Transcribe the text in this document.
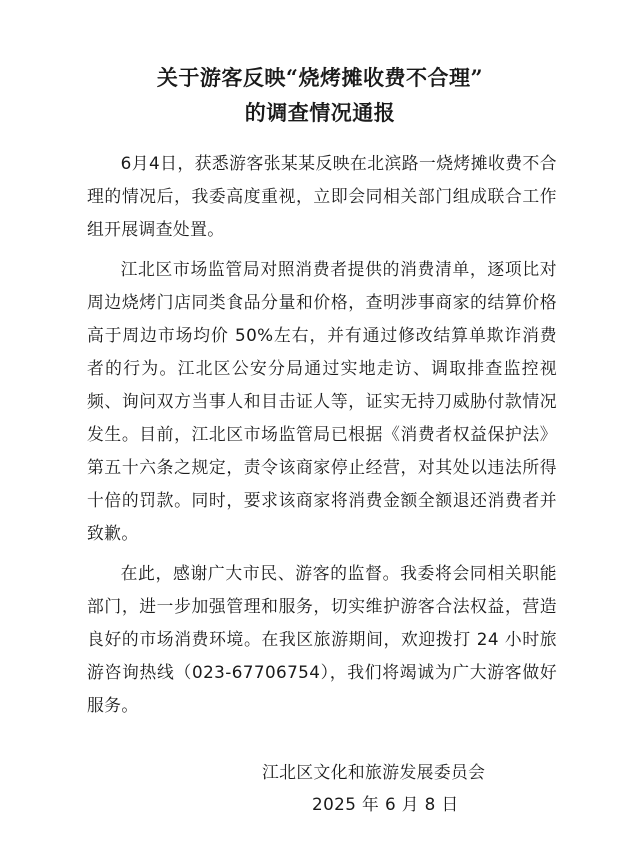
关于游客反映“烧烤摊收费不合理”
的调查情况通报

6月4日，获悉游客张某某反映在北滨路一烧烤摊收费不合理的情况后，我委高度重视，立即会同相关部门组成联合工作组开展调查处置。

江北区市场监管局对照消费者提供的消费清单，逐项比对周边烧烤门店同类食品分量和价格，查明涉事商家的结算价格高于周边市场均价 50%左右，并有通过修改结算单欺诈消费者的行为。江北区公安分局通过实地走访、调取排查监控视频、询问双方当事人和目击证人等，证实无持刀威胁付款情况发生。目前，江北区市场监管局已根据《消费者权益保护法》第五十六条之规定，责令该商家停止经营，对其处以违法所得十倍的罚款。同时，要求该商家将消费金额全额退还消费者并致歉。

在此，感谢广大市民、游客的监督。我委将会同相关职能部门，进一步加强管理和服务，切实维护游客合法权益，营造良好的市场消费环境。在我区旅游期间，欢迎拨打 24 小时旅游咨询热线（023-67706754），我们将竭诚为广大游客做好服务。

江北区文化和旅游发展委员会
2025 年 6 月 8 日
